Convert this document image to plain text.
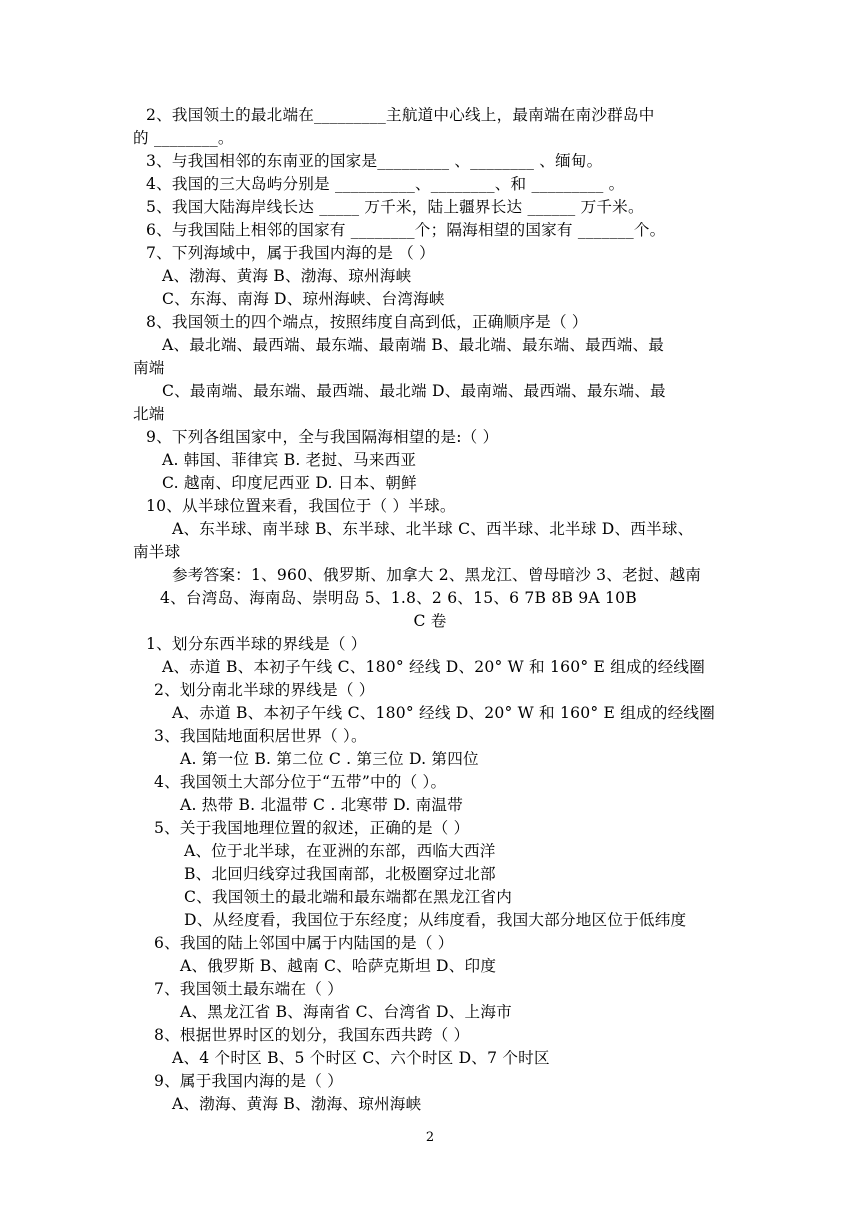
2、我国领土的最北端在_________主航道中心线上，最南端在南沙群岛中
的 ________。
3、与我国相邻的东南亚的国家是_________ 、________ 、缅甸。
4、我国的三大岛屿分别是 __________、________、和 _________ 。
5、我国大陆海岸线长达 _____ 万千米，陆上疆界长达 ______ 万千米。
6、与我国陆上相邻的国家有 ________个；隔海相望的国家有 _______个。
7、下列海域中，属于我国内海的是 （ ）
A、渤海、黄海 B、渤海、琼州海峡
C、东海、南海 D、琼州海峡、台湾海峡
8、我国领土的四个端点，按照纬度自高到低，正确顺序是（ ）
A、最北端、最西端、最东端、最南端 B、最北端、最东端、最西端、最
南端
C、最南端、最东端、最西端、最北端 D、最南端、最西端、最东端、最
北端
9、下列各组国家中，全与我国隔海相望的是:（ ）
A. 韩国、菲律宾 B. 老挝、马来西亚
C. 越南、印度尼西亚 D. 日本、朝鲜
10、从半球位置来看，我国位于（ ）半球。
A、东半球、南半球 B、东半球、北半球 C、西半球、北半球 D、西半球、
南半球
参考答案：1、960、俄罗斯、加拿大 2、黑龙江、曾母暗沙 3、老挝、越南
4、台湾岛、海南岛、崇明岛 5、1.8、2 6、15、6 7B 8B 9A 10B
C 卷
1、划分东西半球的界线是（ ）
A、赤道 B、本初子午线 C、180° 经线 D、20° W 和 160° E 组成的经线圈
2、划分南北半球的界线是（ ）
A、赤道 B、本初子午线 C、180° 经线 D、20° W 和 160° E 组成的经线圈
3、我国陆地面积居世界（ ）。
A. 第一位 B. 第二位 C . 第三位 D. 第四位
4、我国领土大部分位于“五带”中的（ ）。
A. 热带 B. 北温带 C . 北寒带 D. 南温带
5、关于我国地理位置的叙述，正确的是（ ）
A、位于北半球，在亚洲的东部，西临大西洋
B、北回归线穿过我国南部，北极圈穿过北部
C、我国领土的最北端和最东端都在黑龙江省内
D、从经度看，我国位于东经度；从纬度看，我国大部分地区位于低纬度
6、我国的陆上邻国中属于内陆国的是（ ）
A、俄罗斯 B、越南 C、哈萨克斯坦 D、印度
7、我国领土最东端在（ ）
A、黑龙江省 B、海南省 C、台湾省 D、上海市
8、根据世界时区的划分，我国东西共跨（ ）
A、4 个时区 B、5 个时区 C、六个时区 D、7 个时区
9、属于我国内海的是（ ）
A、渤海、黄海 B、渤海、琼州海峡
2
